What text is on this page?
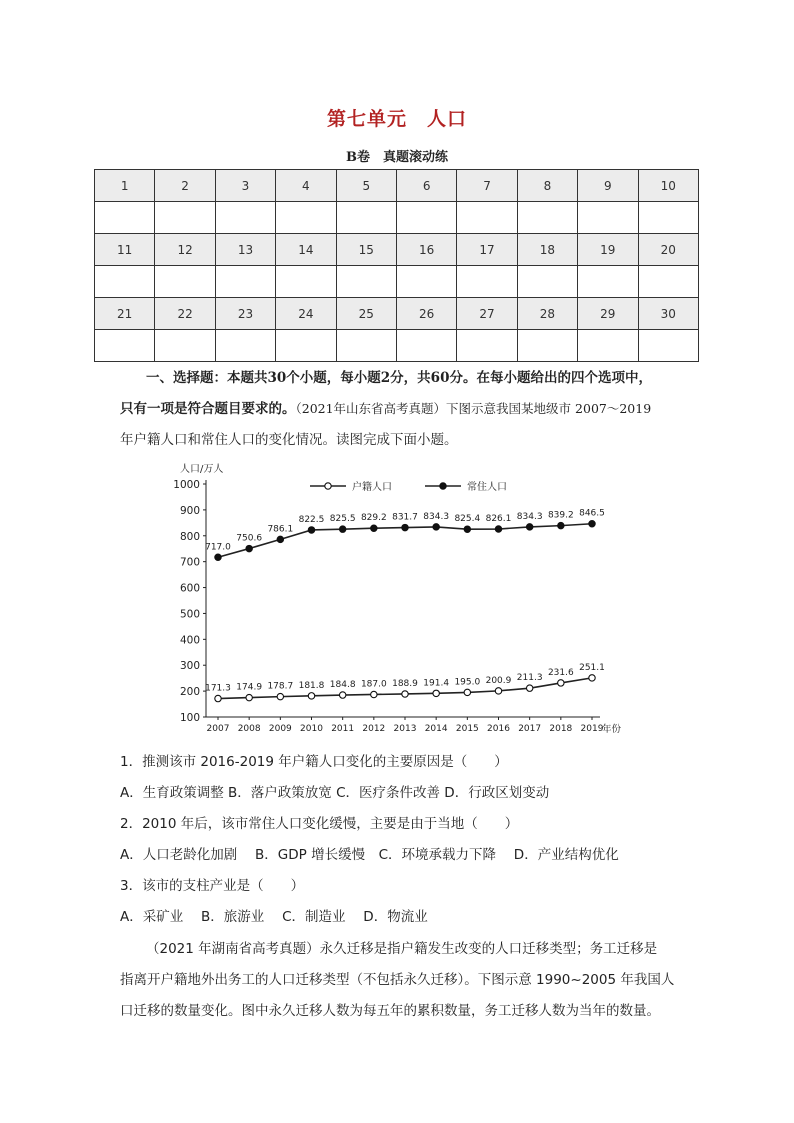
第七单元　人口
B卷　真题滚动练
1	2	3	4	5	6	7	8	9	10

11	12	13	14	15	16	17	18	19	20

21	22	23	24	25	26	27	28	29	30

一、选择题：本题共30个小题，每小题2分，共60分。在每小题给出的四个选项中，
只有一项是符合题目要求的。（2021年山东省高考真题）下图示意我国某地级市 2007～2019
年户籍人口和常住人口的变化情况。读图完成下面小题。
人口/万人
年份
户籍人口	常住人口
100
200
300
400
500
600
700
800
900
1000
2007 2008 2009 2010 2011 2012 2013 2014 2015 2016 2017 2018 2019
171.3 174.9 178.7 181.8 184.8 187.0 188.9 191.4 195.0 200.9 211.3
231.6
251.1
717.0
750.6
786.1
822.5 825.5 829.2 831.7 834.3 825.4 826.1 834.3 839.2 846.5
1．推测该市 2016-2019 年户籍人口变化的主要原因是（　　）
A．生育政策调整 B．落户政策放宽 C．医疗条件改善 D．行政区划变动
2．2010 年后，该市常住人口变化缓慢，主要是由于当地（　　）
A．人口老龄化加剧　 B．GDP 增长缓慢　C．环境承载力下降　 D．产业结构优化
3．该市的支柱产业是（　　）
A．采矿业　 B．旅游业　 C．制造业　 D．物流业
（2021 年湖南省高考真题）永久迁移是指户籍发生改变的人口迁移类型；务工迁移是
指离开户籍地外出务工的人口迁移类型（不包括永久迁移）。下图示意 1990~2005 年我国人
口迁移的数量变化。图中永久迁移人数为每五年的累积数量，务工迁移人数为当年的数量。
